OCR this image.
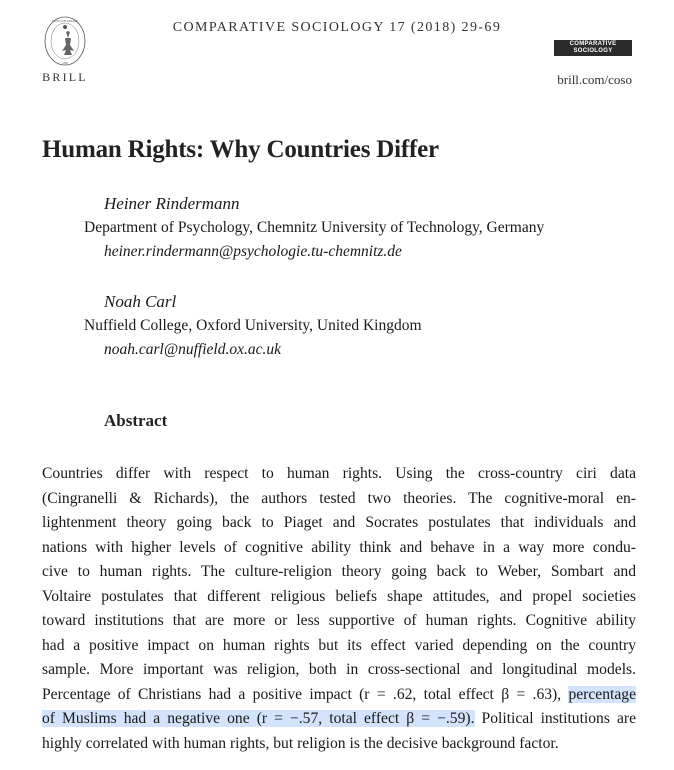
TUTA SUB AEGIDE
1683
BRILL
COMPARATIVE SOCIOLOGY 17 (2018) 29-69
COMPARATIVE
SOCIOLOGY
brill.com/coso
Human Rights: Why Countries Differ
Heiner Rindermann
Department of Psychology, Chemnitz University of Technology, Germany
heiner.rindermann@psychologie.tu-chemnitz.de
Noah Carl
Nuffield College, Oxford University, United Kingdom
noah.carl@nuffield.ox.ac.uk
Abstract
Countries differ with respect to human rights. Using the cross-country ciri data
(Cingranelli & Richards), the authors tested two theories. The cognitive-moral en-
lightenment theory going back to Piaget and Socrates postulates that individuals and
nations with higher levels of cognitive ability think and behave in a way more condu-
cive to human rights. The culture-religion theory going back to Weber, Sombart and
Voltaire postulates that different religious beliefs shape attitudes, and propel societies
toward institutions that are more or less supportive of human rights. Cognitive ability
had a positive impact on human rights but its effect varied depending on the country
sample. More important was religion, both in cross-sectional and longitudinal models.
Percentage of Christians had a positive impact (r = .62, total effect β = .63), percentage
of Muslims had a negative one (r = −.57, total effect β = −.59). Political institutions are
highly correlated with human rights, but religion is the decisive background factor.
